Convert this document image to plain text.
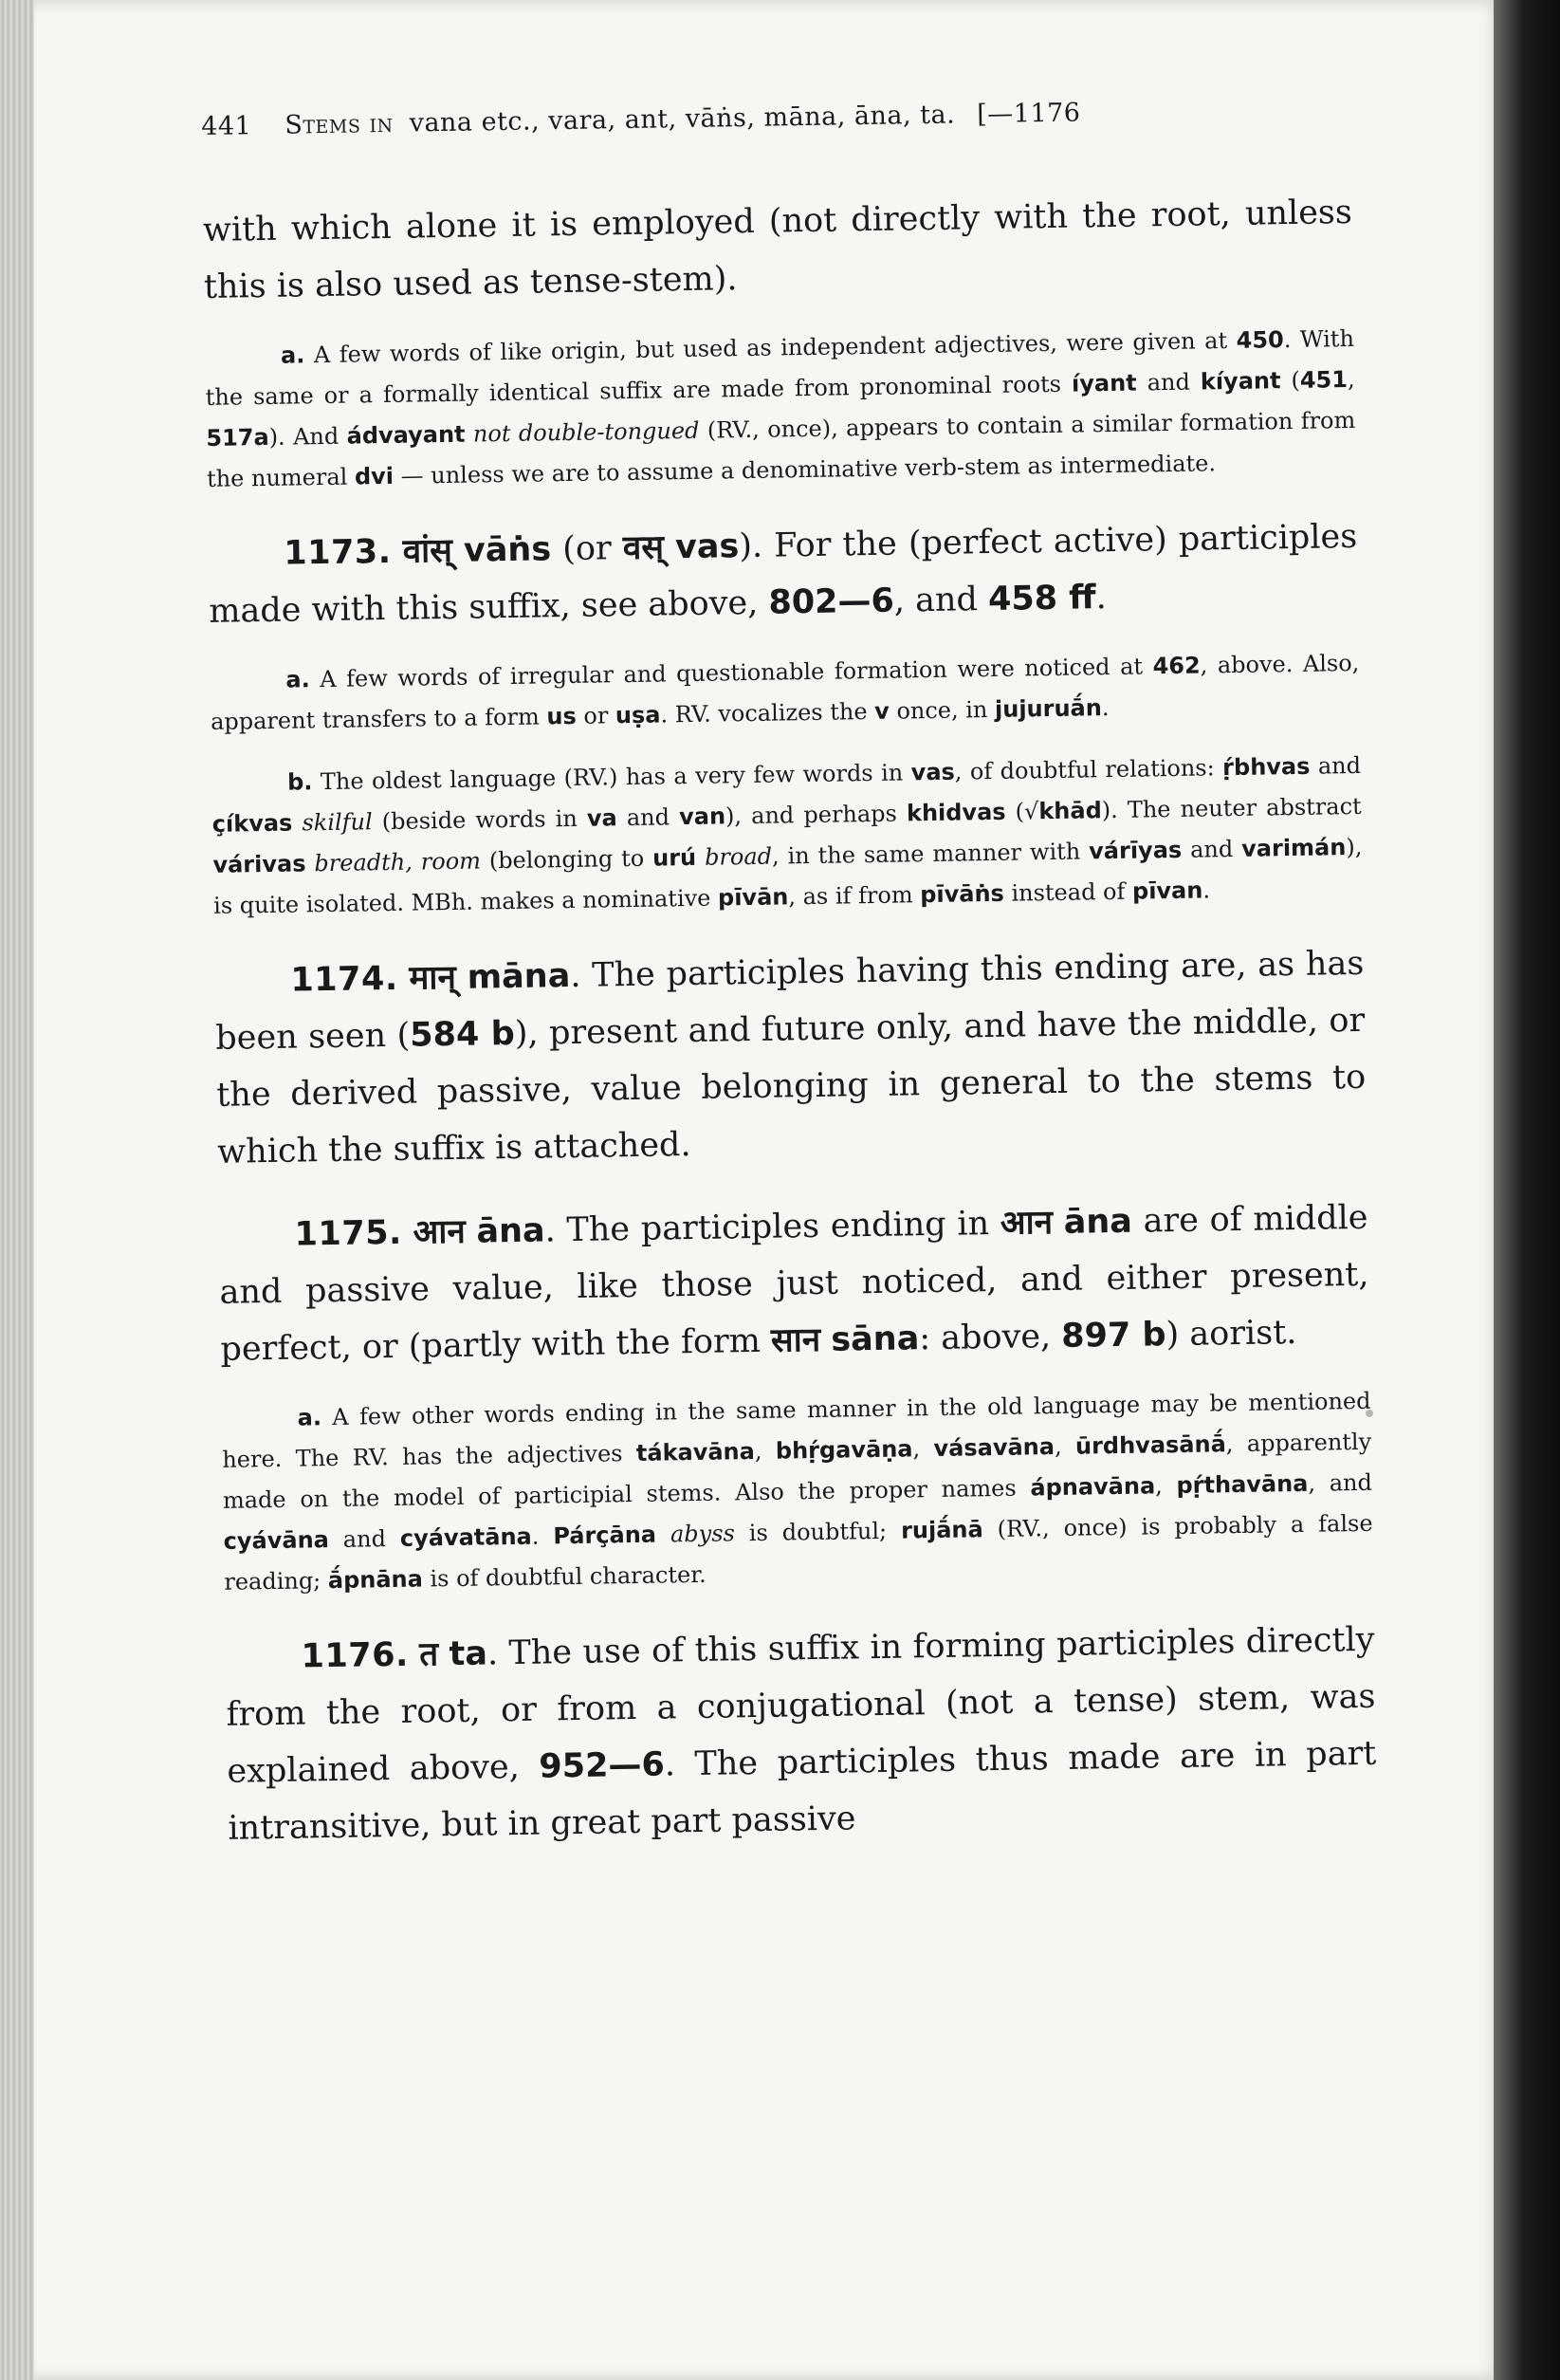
441 Stems in vana etc., vara, ant, vāṅs, māna, āna, ta. [—1176

with which alone it is employed (not directly with the root, unless this is also used as tense-stem).

a. A few words of like origin, but used as independent adjectives, were given at 450. With the same or a formally identical suffix are made from pronominal roots íyant and kíyant (451, 517a). And ádvayant not double-tongued (RV., once), appears to contain a similar formation from the numeral dvi — unless we are to assume a denominative verb-stem as intermediate.

1173. वांस् vāṅs (or वस् vas). For the (perfect active) participles made with this suffix, see above, 802—6, and 458 ff.

a. A few words of irregular and questionable formation were noticed at 462, above. Also, apparent transfers to a form us or uṣa. RV. vocalizes the v once, in jujuruā́n.

b. The oldest language (RV.) has a very few words in vas, of doubtful relations: ṛ́bhvas and çíkvas skilful (beside words in va and van), and perhaps khidvas (√khād). The neuter abstract várivas breadth, room (belonging to urú broad, in the same manner with várīyas and varimán), is quite isolated. MBh. makes a nominative pīvān, as if from pīvāṅs instead of pīvan.

1174. मान् māna. The participles having this ending are, as has been seen (584 b), present and future only, and have the middle, or the derived passive, value belonging in general to the stems to which the suffix is attached.

1175. आन āna. The participles ending in आन āna are of middle and passive value, like those just noticed, and either present, perfect, or (partly with the form सान sāna: above, 897 b) aorist.

a. A few other words ending in the same manner in the old language may be mentioned here. The RV. has the adjectives tákavāna, bhṛ́gavāṇa, vásavāna, ūrdhvasānā́, apparently made on the model of participial stems. Also the proper names ápnavāna, pṛ́thavāna, and cyávāna and cyávatāna. Párçāna abyss is doubtful; rujā́nā (RV., once) is probably a false reading; ā́pnāna is of doubtful character.

1176. त ta. The use of this suffix in forming participles directly from the root, or from a conjugational (not a tense) stem, was explained above, 952—6. The participles thus made are in part intransitive, but in great part passive
